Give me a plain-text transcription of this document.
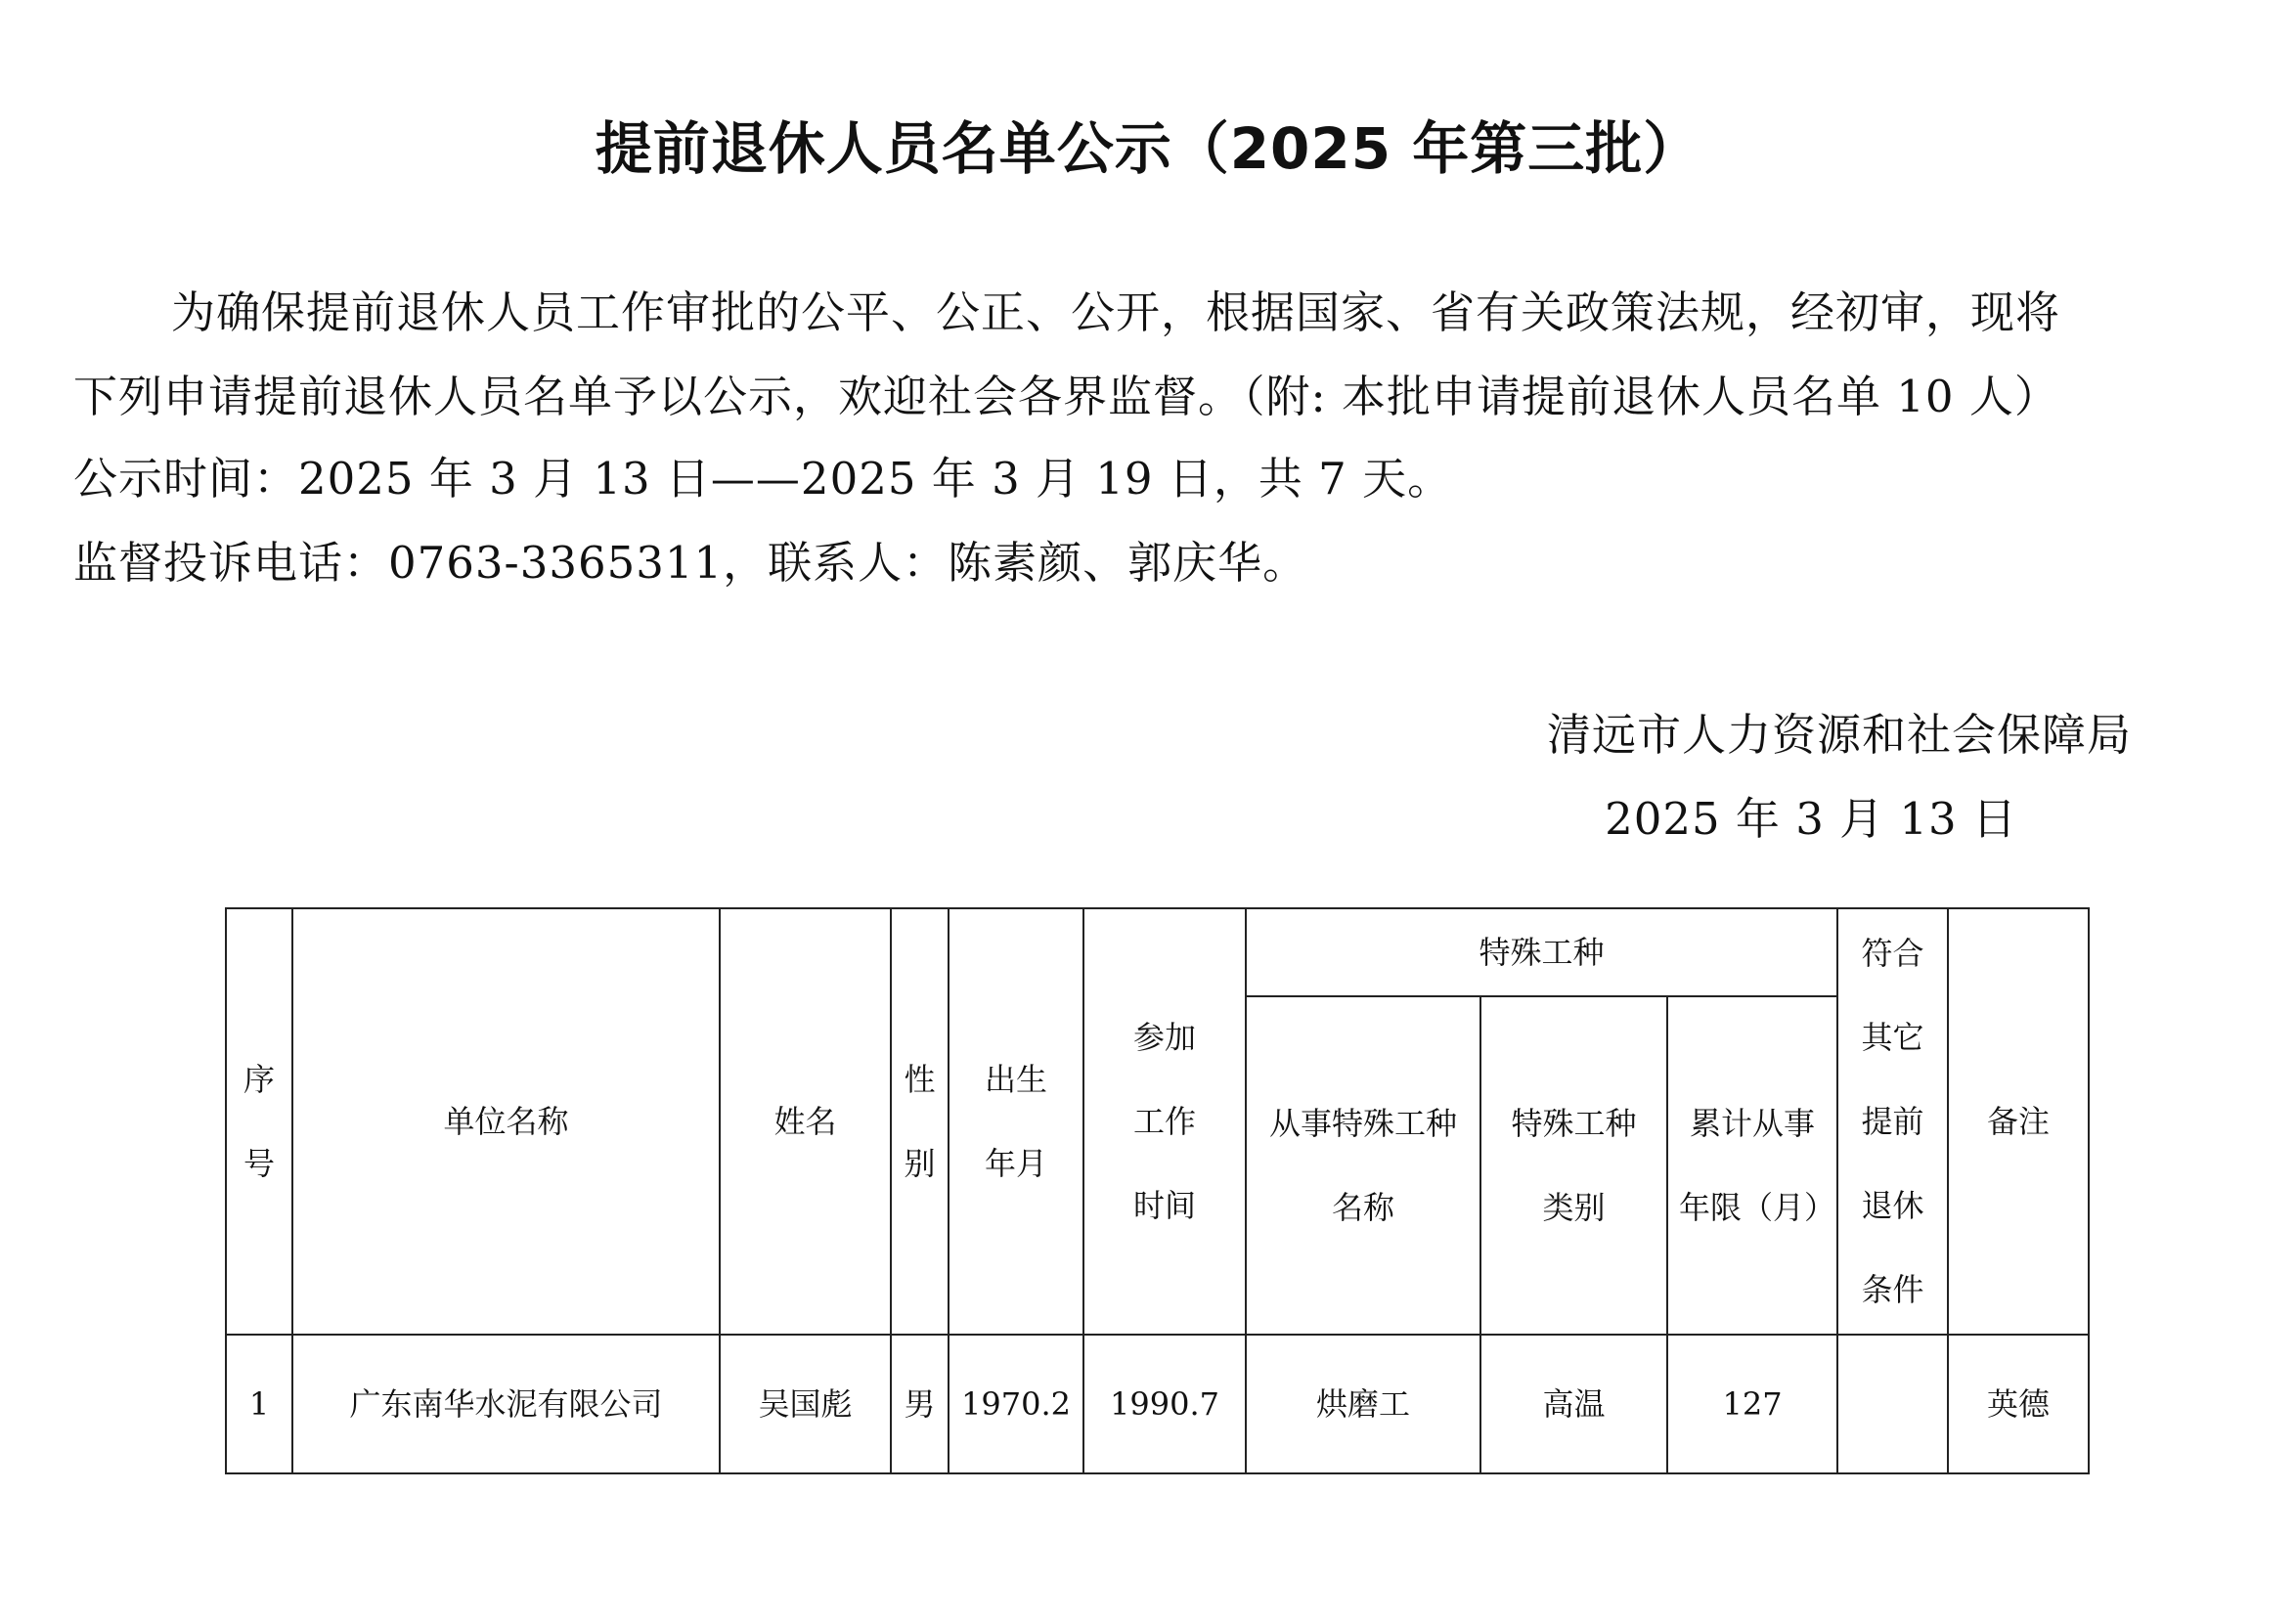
提前退休人员名单公示（2025 年第三批）
为确保提前退休人员工作审批的公平、公正、公开，根据国家、省有关政策法规，经初审，现将
下列申请提前退休人员名单予以公示，欢迎社会各界监督。（附: 本批申请提前退休人员名单 10 人）
公示时间：2025 年 3 月 13 日——2025 年 3 月 19 日，共 7 天。
监督投诉电话：0763-3365311，联系人：陈素颜、郭庆华。
清远市人力资源和社会保障局
2025 年 3 月 13 日
序号	单位名称	姓名	性别	出生年月	参加工作时间	特殊工种			符合其它提前退休条件	备注
						从事特殊工种名称	特殊工种类别	累计从事年限（月）		
1	广东南华水泥有限公司	吴国彪	男	1970.2	1990.7	烘磨工	高温	127		英德
